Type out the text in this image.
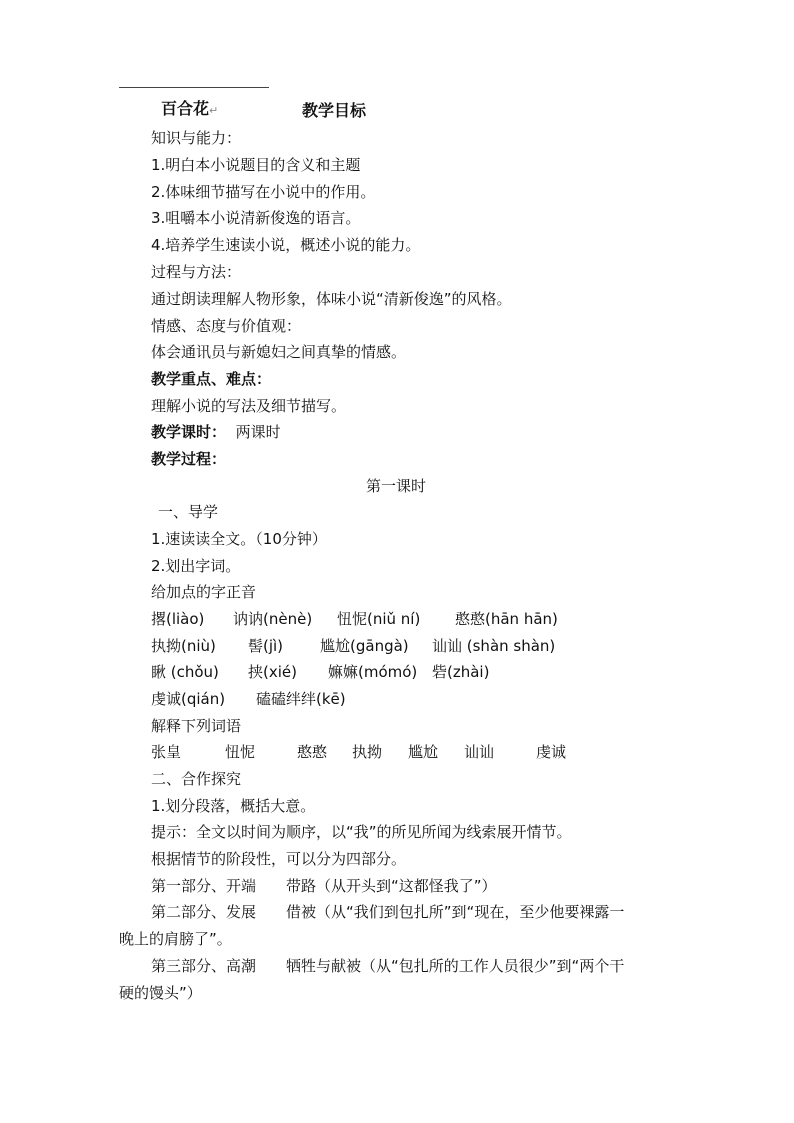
百合花↵	教学目标
知识与能力：
1.明白本小说题目的含义和主题
2.体味细节描写在小说中的作用。
3.咀嚼本小说清新俊逸的语言。
4.培养学生速读小说，概述小说的能力。
过程与方法：
通过朗读理解人物形象，体味小说“清新俊逸”的风格。
情感、态度与价值观：
体会通讯员与新媳妇之间真挚的情感。
教学重点、难点：
理解小说的写法及细节描写。
教学课时： 两课时
教学过程：
第一课时
一、导学
1.速读读全文。（10分钟）
2.划出字词。
给加点的字正音
撂(liào) 讷讷(nènè) 忸怩(niǔ ní) 憨憨(hān hān)
执拗(niù) 髻(jì) 尴尬(gāngà) 讪讪 (shàn shàn)
瞅 (chǒu) 挟(xié) 嫲嫲(mómó) 砦(zhài)
虔诚(qián) 磕磕绊绊(kē)
解释下列词语
张皇	忸怩	憨憨 执拗 尴尬 讪讪	虔诚
二、合作探究
1.划分段落，概括大意。
提示：全文以时间为顺序，以“我”的所见所闻为线索展开情节。
根据情节的阶段性，可以分为四部分。
第一部分、开端　　带路（从开头到“这都怪我了”）
第二部分、发展　　借被（从“我们到包扎所”到“现在，至少他要裸露一
晚上的肩膀了”。
第三部分、高潮　　牺牲与献被（从“包扎所的工作人员很少”到“两个干
硬的馒头”）
